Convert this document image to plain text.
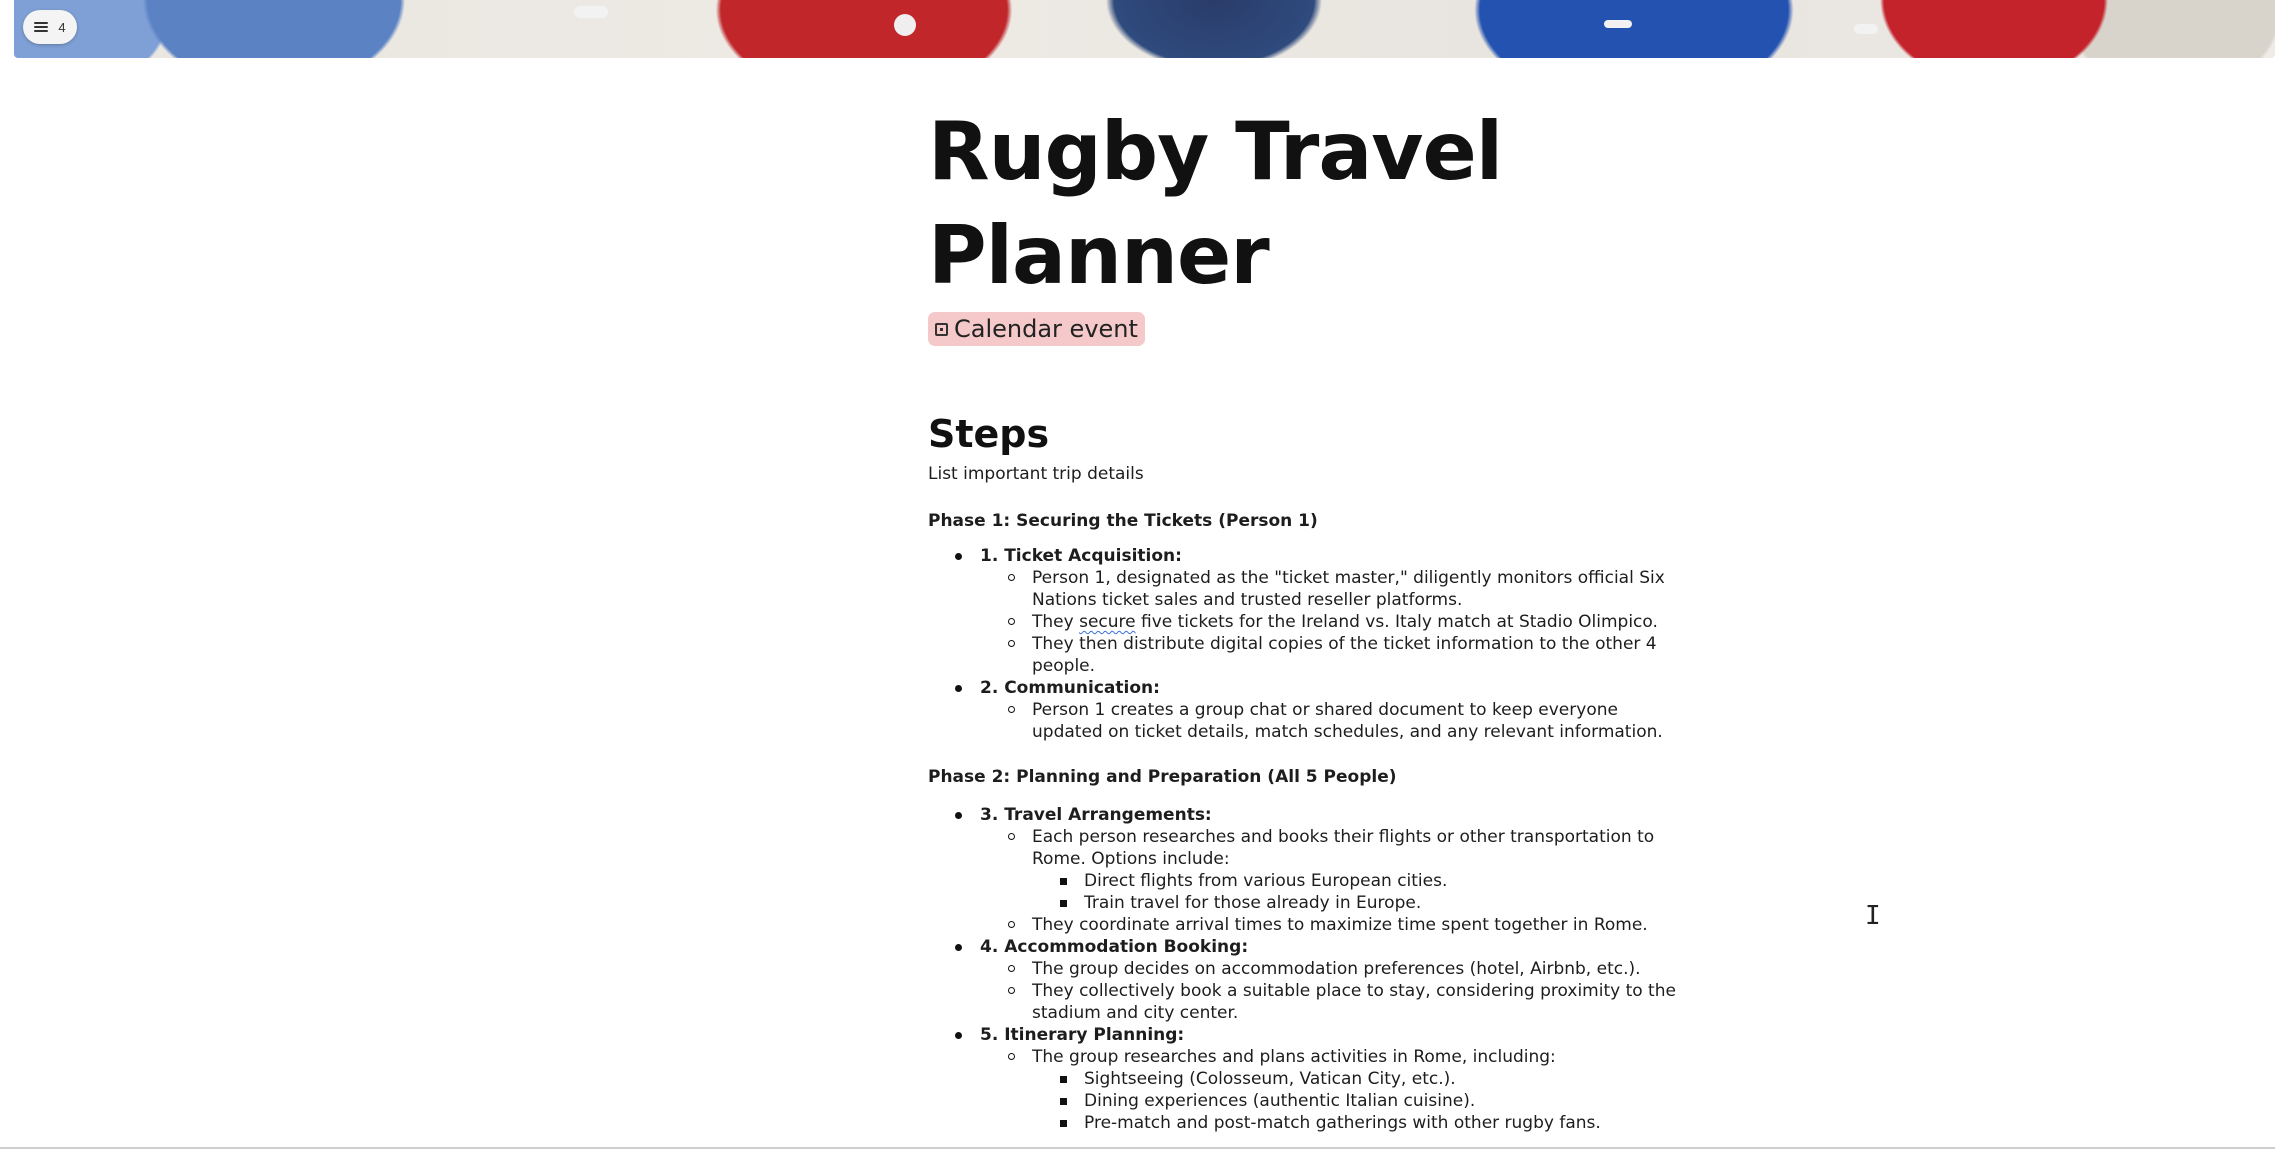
4
Rugby Travel Planner
Calendar event
Steps

List important trip details

Phase 1: Securing the Tickets (Person 1)

1. Ticket Acquisition:
Person 1, designated as the "ticket master," diligently monitors official Six Nations ticket sales and trusted reseller platforms.
They secure five tickets for the Ireland vs. Italy match at Stadio Olimpico.
They then distribute digital copies of the ticket information to the other 4 people.
2. Communication:
Person 1 creates a group chat or shared document to keep everyone updated on ticket details, match schedules, and any relevant information.

Phase 2: Planning and Preparation (All 5 People)

3. Travel Arrangements:
Each person researches and books their flights or other transportation to Rome. Options include:
Direct flights from various European cities.
Train travel for those already in Europe.
They coordinate arrival times to maximize time spent together in Rome.
4. Accommodation Booking:
The group decides on accommodation preferences (hotel, Airbnb, etc.).
They collectively book a suitable place to stay, considering proximity to the stadium and city center.
5. Itinerary Planning:
The group researches and plans activities in Rome, including:
Sightseeing (Colosseum, Vatican City, etc.).
Dining experiences (authentic Italian cuisine).
Pre-match and post-match gatherings with other rugby fans.
I
